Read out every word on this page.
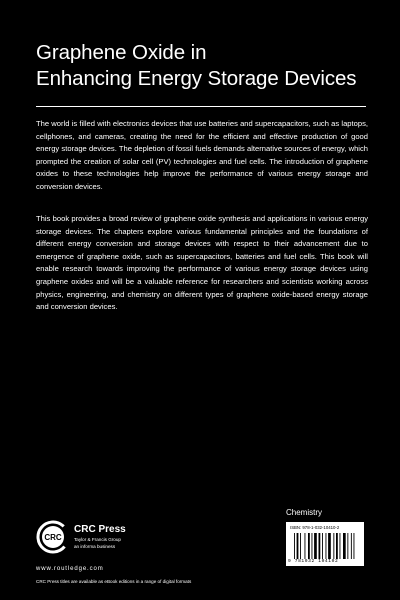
Graphene Oxide in
Enhancing Energy Storage Devices

The world is filled with electronics devices that use batteries and supercapacitors, such as laptops, cellphones, and cameras, creating the need for the efficient and effective production of good energy storage devices. The depletion of fossil fuels demands alternative sources of energy, which prompted the creation of solar cell (PV) technologies and fuel cells. The introduction of graphene oxides to these technologies help improve the performance of various energy storage and conversion devices.

This book provides a broad review of graphene oxide synthesis and applications in various energy storage devices. The chapters explore various fundamental principles and the foundations of different energy conversion and storage devices with respect to their advancement due to emergence of graphene oxide, such as supercapacitors, batteries and fuel cells. This book will enable research towards improving the performance of various energy storage devices using graphene oxides and will be a valuable reference for researchers and scientists working across physics, engineering, and chemistry on different types of graphene oxide-based energy storage and conversion devices.

CRC
CRC Press
Taylor & Francis Group
an informa business
www.routledge.com
CRC Press titles are available as eBook editions in a range of digital formats
Chemistry
ISBN: 978-1-032-10410-2
9 781032 104102
